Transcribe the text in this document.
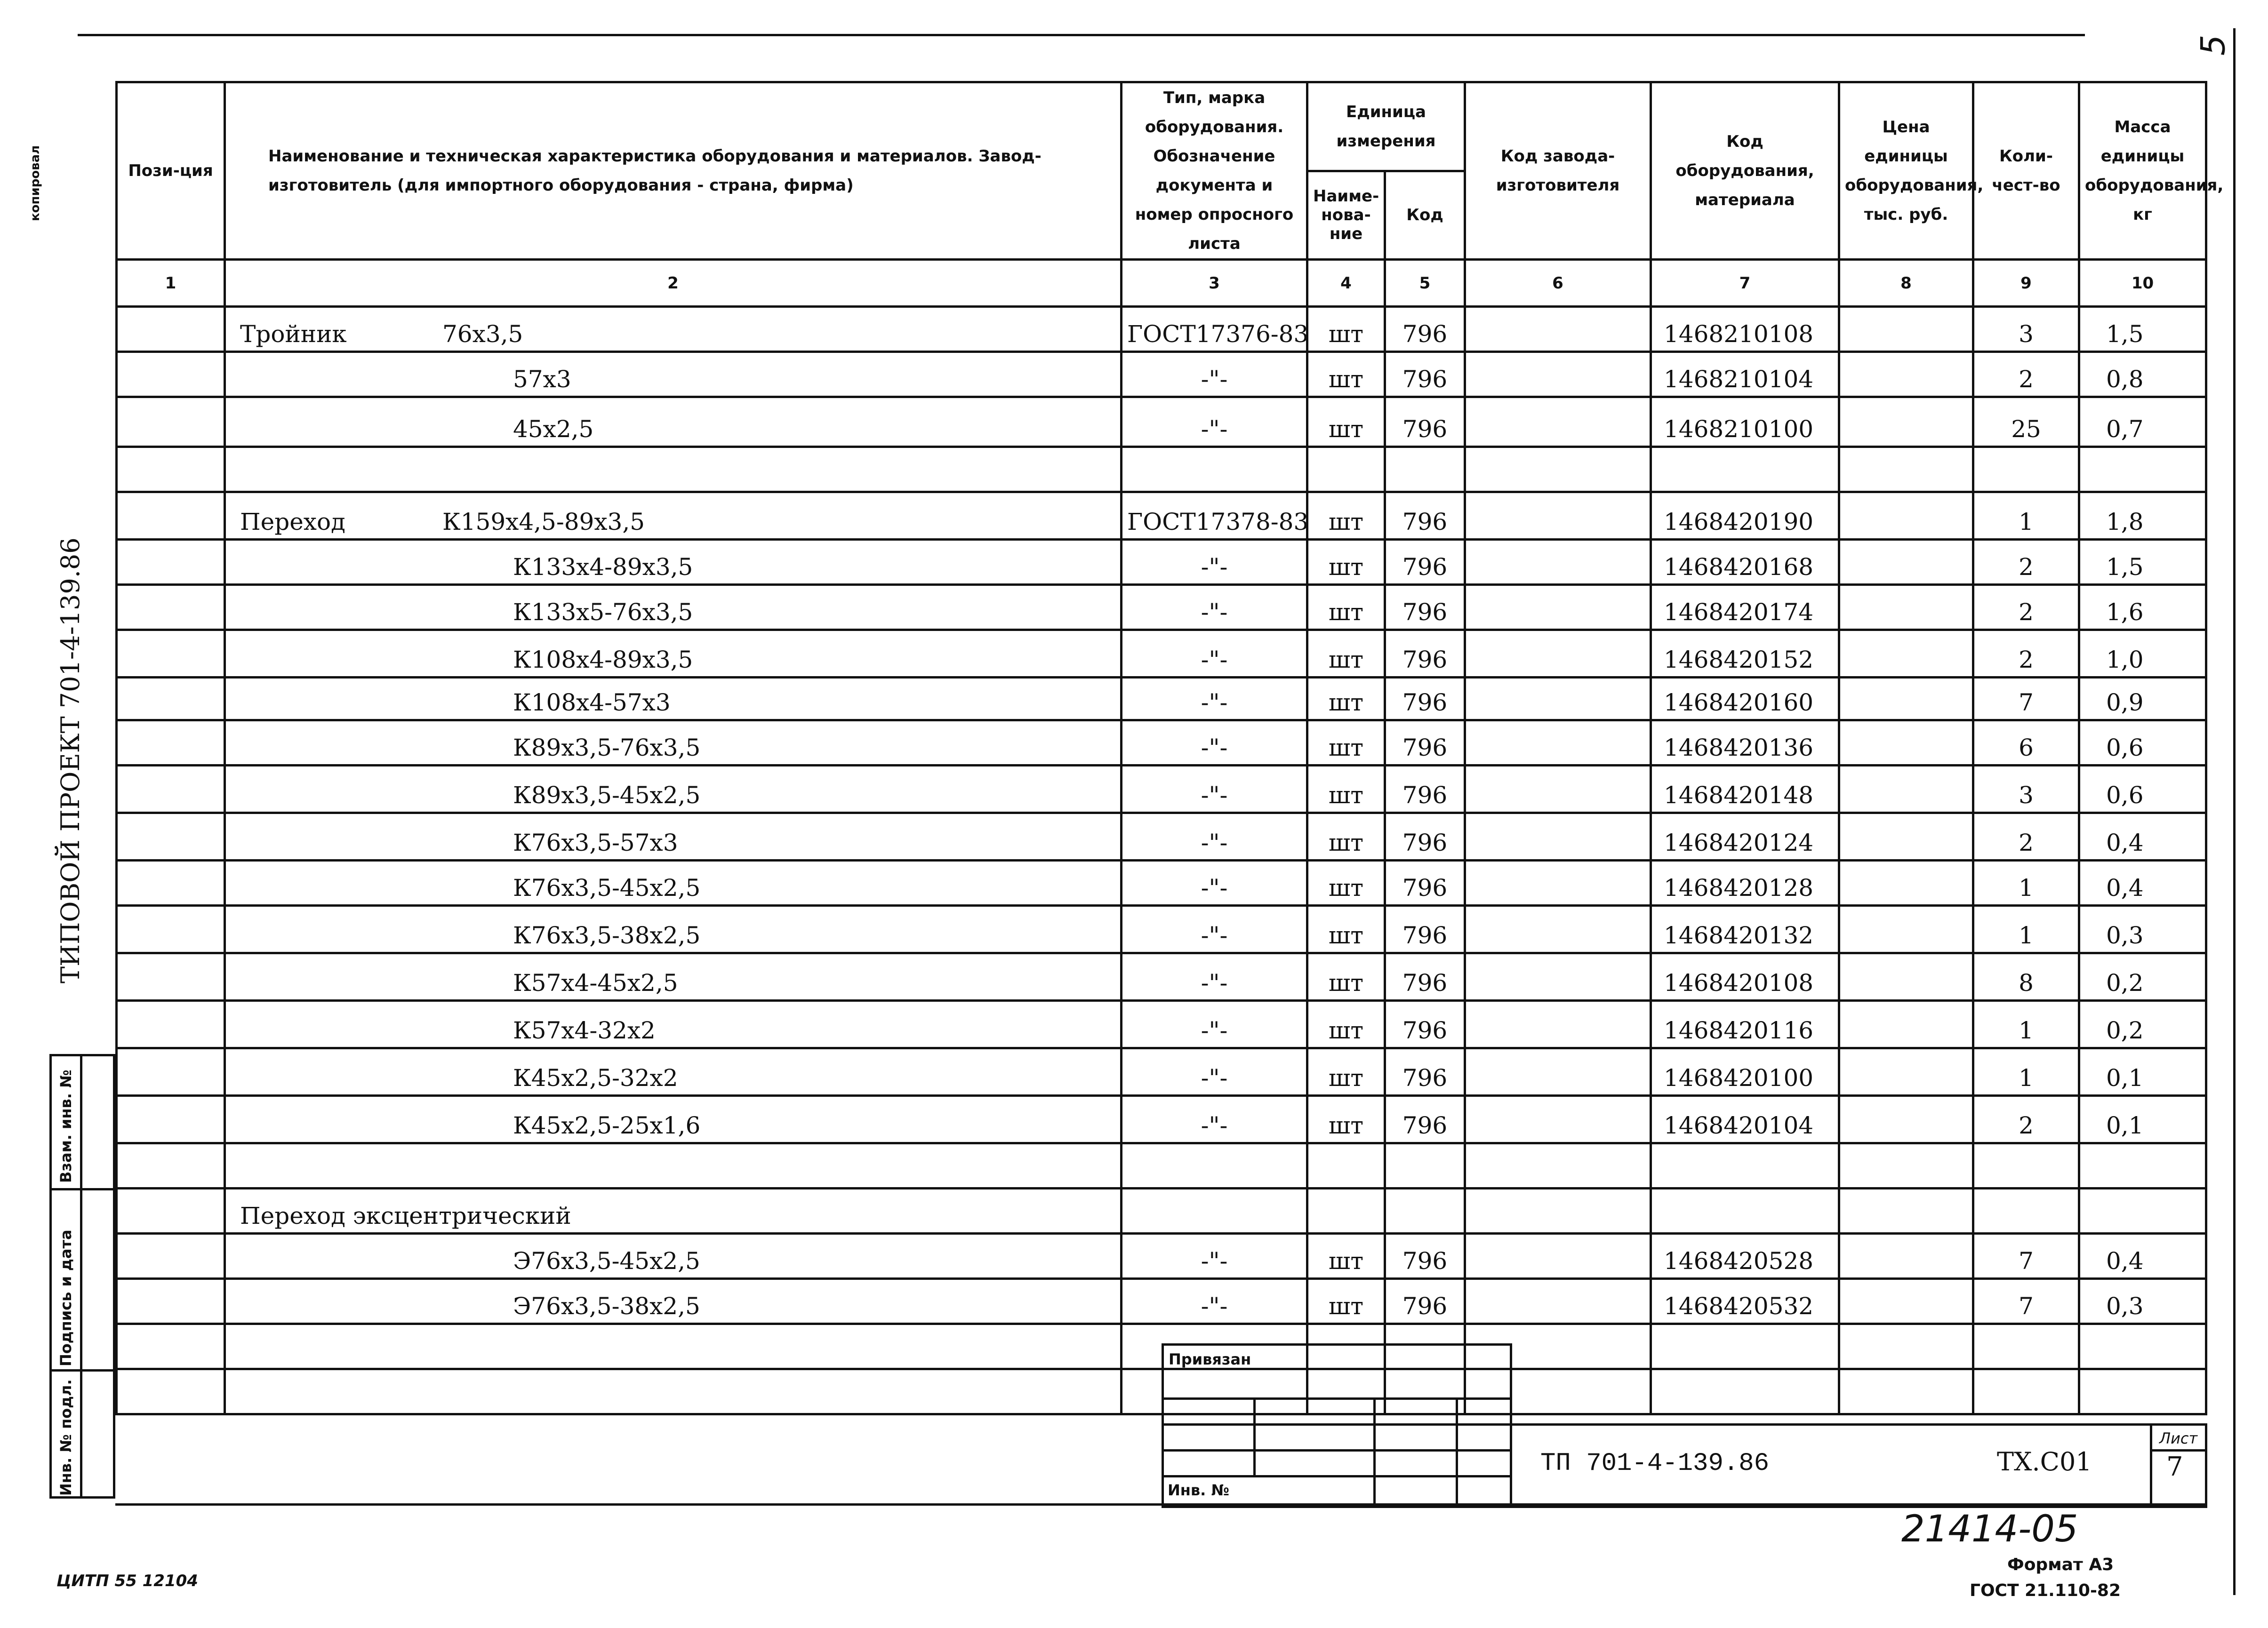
5
Пози-ция	Наименование и техническая характеристика оборудования и материалов. Завод-изготовитель (для импортного оборудования - страна, фирма)	Тип, марка оборудования. Обозначение документа и номер опросного листа	Единица измерения		Код завода-изготовителя	Код оборудования, материала	Цена единицы оборудования, тыс. руб.	Коли-чест-во	Масса единицы оборудования, кг
			Наиме-нова-ние	Код					
1	2	3	4	5	6	7	8	9	10
	Тройник 76х3,5	ГОСТ17376-83	шт	796		1468210108		3	1,5
	57х3	-"-	шт	796		1468210104		2	0,8
	45х2,5	-"-	шт	796		1468210100		25	0,7

	Переход К159х4,5-89х3,5	ГОСТ17378-83	шт	796		1468420190		1	1,8
	К133х4-89х3,5	-"-	шт	796		1468420168		2	1,5
	К133х5-76х3,5	-"-	шт	796		1468420174		2	1,6
	К108х4-89х3,5	-"-	шт	796		1468420152		2	1,0
	К108х4-57х3	-"-	шт	796		1468420160		7	0,9
	К89х3,5-76х3,5	-"-	шт	796		1468420136		6	0,6
	К89х3,5-45х2,5	-"-	шт	796		1468420148		3	0,6
	К76х3,5-57х3	-"-	шт	796		1468420124		2	0,4
	К76х3,5-45х2,5	-"-	шт	796		1468420128		1	0,4
	К76х3,5-38х2,5	-"-	шт	796		1468420132		1	0,3
	К57х4-45х2,5	-"-	шт	796		1468420108		8	0,2
	К57х4-32х2	-"-	шт	796		1468420116		1	0,2
	К45х2,5-32х2	-"-	шт	796		1468420100		1	0,1
	К45х2,5-25х1,6	-"-	шт	796		1468420104		2	0,1

	Переход эксцентрический								
	Э76х3,5-45х2,5	-"-	шт	796		1468420528		7	0,4
	Э76х3,5-38х2,5	-"-	шт	796		1468420532		7	0,3

копировал
ТИПОВОЙ ПРОЕКТ 701-4-139.86
Взам. инв. №
Подпись и дата
Инв. № подл.
Привязан
Инв. №
ТП 701-4-139.86	ТХ.С01
Лист
7
21414-05
Формат А3
ГОСТ 21.110-82
ЦИТП 55 12104
